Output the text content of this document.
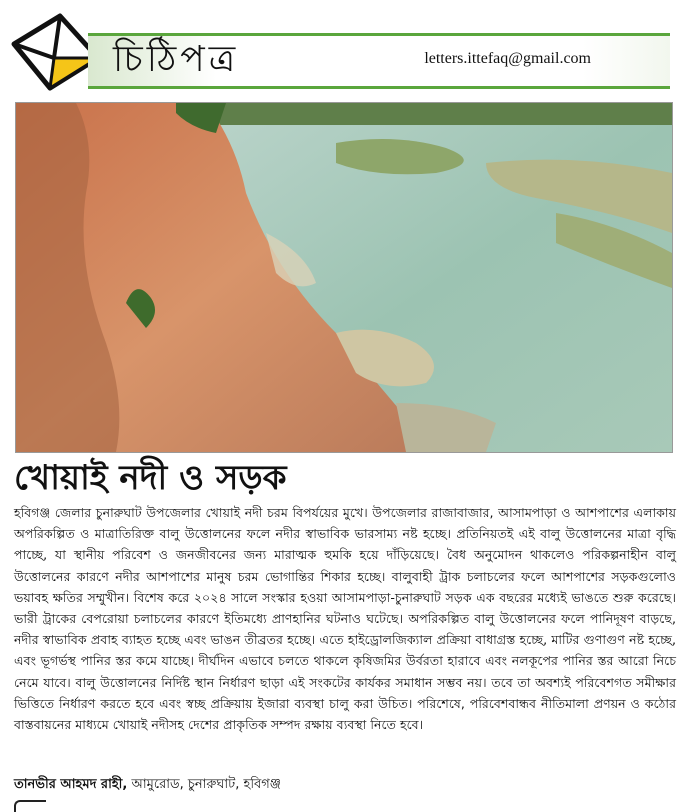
চিঠিপত্র	letters.ittefaq@gmail.com
খোয়াই নদী ও সড়ক
হবিগঞ্জ জেলার চুনারুঘাট উপজেলার খোয়াই নদী চরম বিপর্যয়ের মুখে। উপজেলার রাজাবাজার, আসামপাড়া ও আশপাশের এলাকায় অপরিকল্পিত ও মাত্রাতিরিক্ত বালু উত্তোলনের ফলে নদীর স্বাভাবিক ভারসাম্য নষ্ট হচ্ছে। প্রতিনিয়তই এই বালু উত্তোলনের মাত্রা বৃদ্ধি পাচ্ছে, যা স্থানীয় পরিবেশ ও জনজীবনের জন্য মারাত্মক হুমকি হয়ে দাঁড়িয়েছে। বৈধ অনুমোদন থাকলেও পরিকল্পনাহীন বালু উত্তোলনের কারণে নদীর আশপাশের মানুষ চরম ভোগান্তির শিকার হচ্ছে। বালুবাহী ট্রাক চলাচলের ফলে আশপাশের সড়কগুলোও ভয়াবহ ক্ষতির সম্মুখীন। বিশেষ করে ২০২৪ সালে সংস্কার হওয়া আসামপাড়া-চুনারুঘাট সড়ক এক বছরের মধ্যেই ভাঙতে শুরু করেছে। ভারী ট্রাকের বেপরোয়া চলাচলের কারণে ইতিমধ্যে প্রাণহানির ঘটনাও ঘটেছে। অপরিকল্পিত বালু উত্তোলনের ফলে পানিদূষণ বাড়ছে, নদীর স্বাভাবিক প্রবাহ ব্যাহত হচ্ছে এবং ভাঙন তীব্রতর হচ্ছে। এতে হাইড্রোলজিক্যাল প্রক্রিয়া বাধাগ্রস্ত হচ্ছে, মাটির গুণাগুণ নষ্ট হচ্ছে, এবং ভূগর্ভস্থ পানির স্তর কমে যাচ্ছে। দীর্ঘদিন এভাবে চলতে থাকলে কৃষিজমির উর্বরতা হারাবে এবং নলকূপের পানির স্তর আরো নিচে নেমে যাবে। বালু উত্তোলনের নির্দিষ্ট স্থান নির্ধারণ ছাড়া এই সংকটের কার্যকর সমাধান সম্ভব নয়। তবে তা অবশ্যই পরিবেশগত সমীক্ষার ভিত্তিতে নির্ধারণ করতে হবে এবং স্বচ্ছ প্রক্রিয়ায় ইজারা ব্যবস্থা চালু করা উচিত। পরিশেষে, পরিবেশবান্ধব নীতিমালা প্রণয়ন ও কঠোর বাস্তবায়নের মাধ্যমে খোয়াই নদীসহ দেশের প্রাকৃতিক সম্পদ রক্ষায় ব্যবস্থা নিতে হবে।
তানভীর আহমদ রাহী, আমুরোড, চুনারুঘাট, হবিগঞ্জ
